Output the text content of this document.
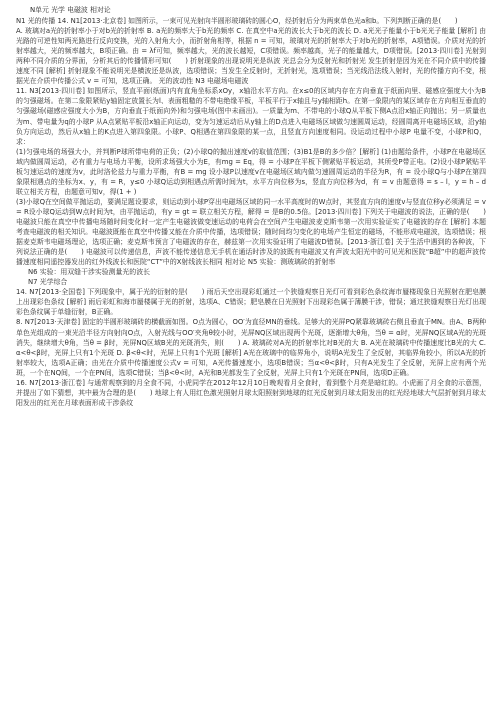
N单元 光学 电磁波 相对论

N1 光的传播 14. N1[2013·北京卷] 如图所示，一束可见光射向半圆形玻璃砖的圆心O，经折射后分为两束单色光a和b。下列判断正确的是(　　)

A. 玻璃对a光的折射率小于对b光的折射率 B. a光的频率大于b光的频率 C. 在真空中a光的波长大于b光的波长 D. a光光子能量小于b光光子能量 [解析] 由光路的可逆性知两光路进行反向变换，光的入射角大小，而折射角相等，根据 n = 可知，玻璃对光的折射率大于对b光的折射率，A项错误。介质对光的折射率越大，光的频率越大，B项正确。由 = λf可知，频率越大，光的波长越短，C项错误。频率越高，光子的能量越大，D项错误。[2013·四川卷] 光射到两种不同介质的分界面，分析其后的传播情形可知(　　) 折射现象的出现说明光是纵波 光总会分为反射光和折射光 发生折射是因为光在不同介质中的传播速度不同 [解析] 折射现象不能说明光是横波还是纵波，选项错误；当发生全反射时，无折射光，选项错误；当光线沿法线入射时，光的传播方向不变，根据光在介质中传播公式 v = 可知，选项正确。 光的波动性 N3 电磁场电磁波

11. N3[2013·四川卷] 如图所示，竖直平面(纸面)内有直角坐标系xOy，x轴沿水平方向。在x≤0的区域内存在方向垂直于纸面向里、磁感应强度大小为B的匀强磁场。在第二象限紧贴y轴固定放置长为l、表面粗糙的不带电绝缘平板，平板平行于x轴且与y轴相距h。在第一象限内的某区域存在方向相互垂直的匀强磁场(磁感应强度大小为B，方向垂直于纸面向外)和匀强电场(图中未画出)。一质量为m、不带电的小球Q从平板下侧A点沿x轴正向抛出；另一质量也为m、带电量为q的小球P 从A点紧贴平板沿x轴正向运动，变为匀速运动后从y轴上的D点进入电磁场区域做匀速圆周运动，经圆周离开电磁场区域，沿y轴负方向运动，然后从x轴上的K点进入第四象限。小球P、Q相遇在第四象限的某一点，且竖直方向速度相同。设运动过程中小球P 电量不变，小球P和Q，求：

(1)匀强电场的场强大小，并判断P球所带电荷的正负；(2)小球Q的抛出速度v的取值范围；(3)B1是B的多少倍？[解析] (1)由题给条件，小球P在电磁场区域内做圆周运动，必有重力与电场力平衡，设所求场强大小为E，有mg = Eq，得 = 小球P在平板下侧紧贴平板运动，其所受P带正电。(2)设小球P紧贴平板匀速运动的速度为v，此时洛伦兹力与重力平衡，有B = mg 设小球P以速度v在电磁场区域内做匀速圆周运动的半径为R，有 = 设小球Q与小球P在第四象限相遇点的坐标为x、y，有 = R，y≤0 小球Q运动到相遇点所需时间为t，水平方向位移为s，竖直方向位移为d，有 = v 由题意得 = s – l，y = h – d联立相关方程，由题意可知v，得(1 + )

(3)小球Q在空间做平抛运动，要满足题设要求，则运动到小球P穿出电磁场区域的同一水平高度时的W点时，其竖直方向的速度v与竖直位移y必须满足 = v = R设小球Q运动到W点时间为t，由平抛运动，有y = gt = 联立相关方程，解得 = 是B的0.5倍。[2013·四川卷] 下列关于电磁波的说法，正确的是(　　) 电磁波只能在真空中传播电场随时间变化时一定产生电磁波做变速运动的电荷会在空间产生电磁波麦克斯韦第一次用实验证实了电磁波的存在 [解析] 本题考查电磁波的相关知识。电磁波既能在真空中传播又能在介质中传播，选项错误；随时间均匀变化的电场产生恒定的磁场，不能形成电磁波，选项错误；根据麦克斯韦电磁场理论，选项正确；麦克斯韦预言了电磁波的存在，赫兹第一次用实验证明了电磁波D错误。[2013·浙江卷] 关于生活中遇到的各种波，下列说法正确的是(　　) 电磁波可以传递信息，声波不能传递信息无手机在通话时涉及的波既有电磁波又有声波太阳光中的可见光和医院“B超”中的超声波传播速度相同遥控器发出的红外线波长和医院“CT”中的X射线波长相同 相对论 N5 实验：测玻璃砖的折射率

N6 实验：用双缝干涉实验测量光的波长

N7 光学综合

14. N7[2013·全国卷] 下列现象中，属于光的衍射的是(　　) 雨后天空出现彩虹通过一个狭缝观察日光灯可看到彩色条纹海市蜃楼现象日光照射在肥皂膜上出现彩色条纹 [解析] 雨后彩虹和海市蜃楼属于光的折射，选项A、C错误；肥皂膜在日光照射下出现彩色属于薄膜干涉，错误；通过狭缝观察日光灯出现彩色条纹属于单缝衍射，B正确。

8. N7[2013·天津卷] 固定的半圆形玻璃砖的横截面如图。O点为圆心，OO′为直径MN的垂线。足够大的光屏PQ紧靠玻璃砖右侧且垂直于MN。由A、B两种单色光组成的一束光沿半径方向射向O点，入射光线与OO′夹角θ较小时，光屏NQ区域出现两个光斑，逐渐增大θ角，当θ = α时，光屏NQ区域A光的光斑消失，继续增大θ角，当θ = β时，光屏NQ区域B光的光斑消失，则(　　) A. 玻璃砖对A光的折射率比对B光的大 B. A光在玻璃砖中传播速度比B光的大 C. α<θ<β时，光屏上只有1个光斑 D. β<θ<时，光屏上只有1个光斑 [解析] A光在玻璃中的临界角小，说明A光发生了全反射，其临界角较小，所以A光的折射率较大，选项A正确；由光在介质中传播速度公式v = 可知，A光传播速度小，选项B错误；当α<θ<β时，只有A光发生了全反射，光屏上应有两个光斑，一个在NQ间，一个在PN间，选项C错误；当β<θ<时，A光和B光都发生了全反射，光屏上只有1个光斑在PN间，选项D正确。

16. N7[2013·浙江卷] 与通常观察到的月全食不同，小虎同学在2012年12月10日晚观看月全食时，看到整个月亮是暗红的。小虎画了月全食的示意图，并提出了如下猜想，其中最为合理的是(　　) 地球上有人用红色激光照射月球太阳照射到地球的红光反射到月球太阳发出的红光经地球大气层折射到月球太阳发出的红光在月球表面形成干涉条纹
